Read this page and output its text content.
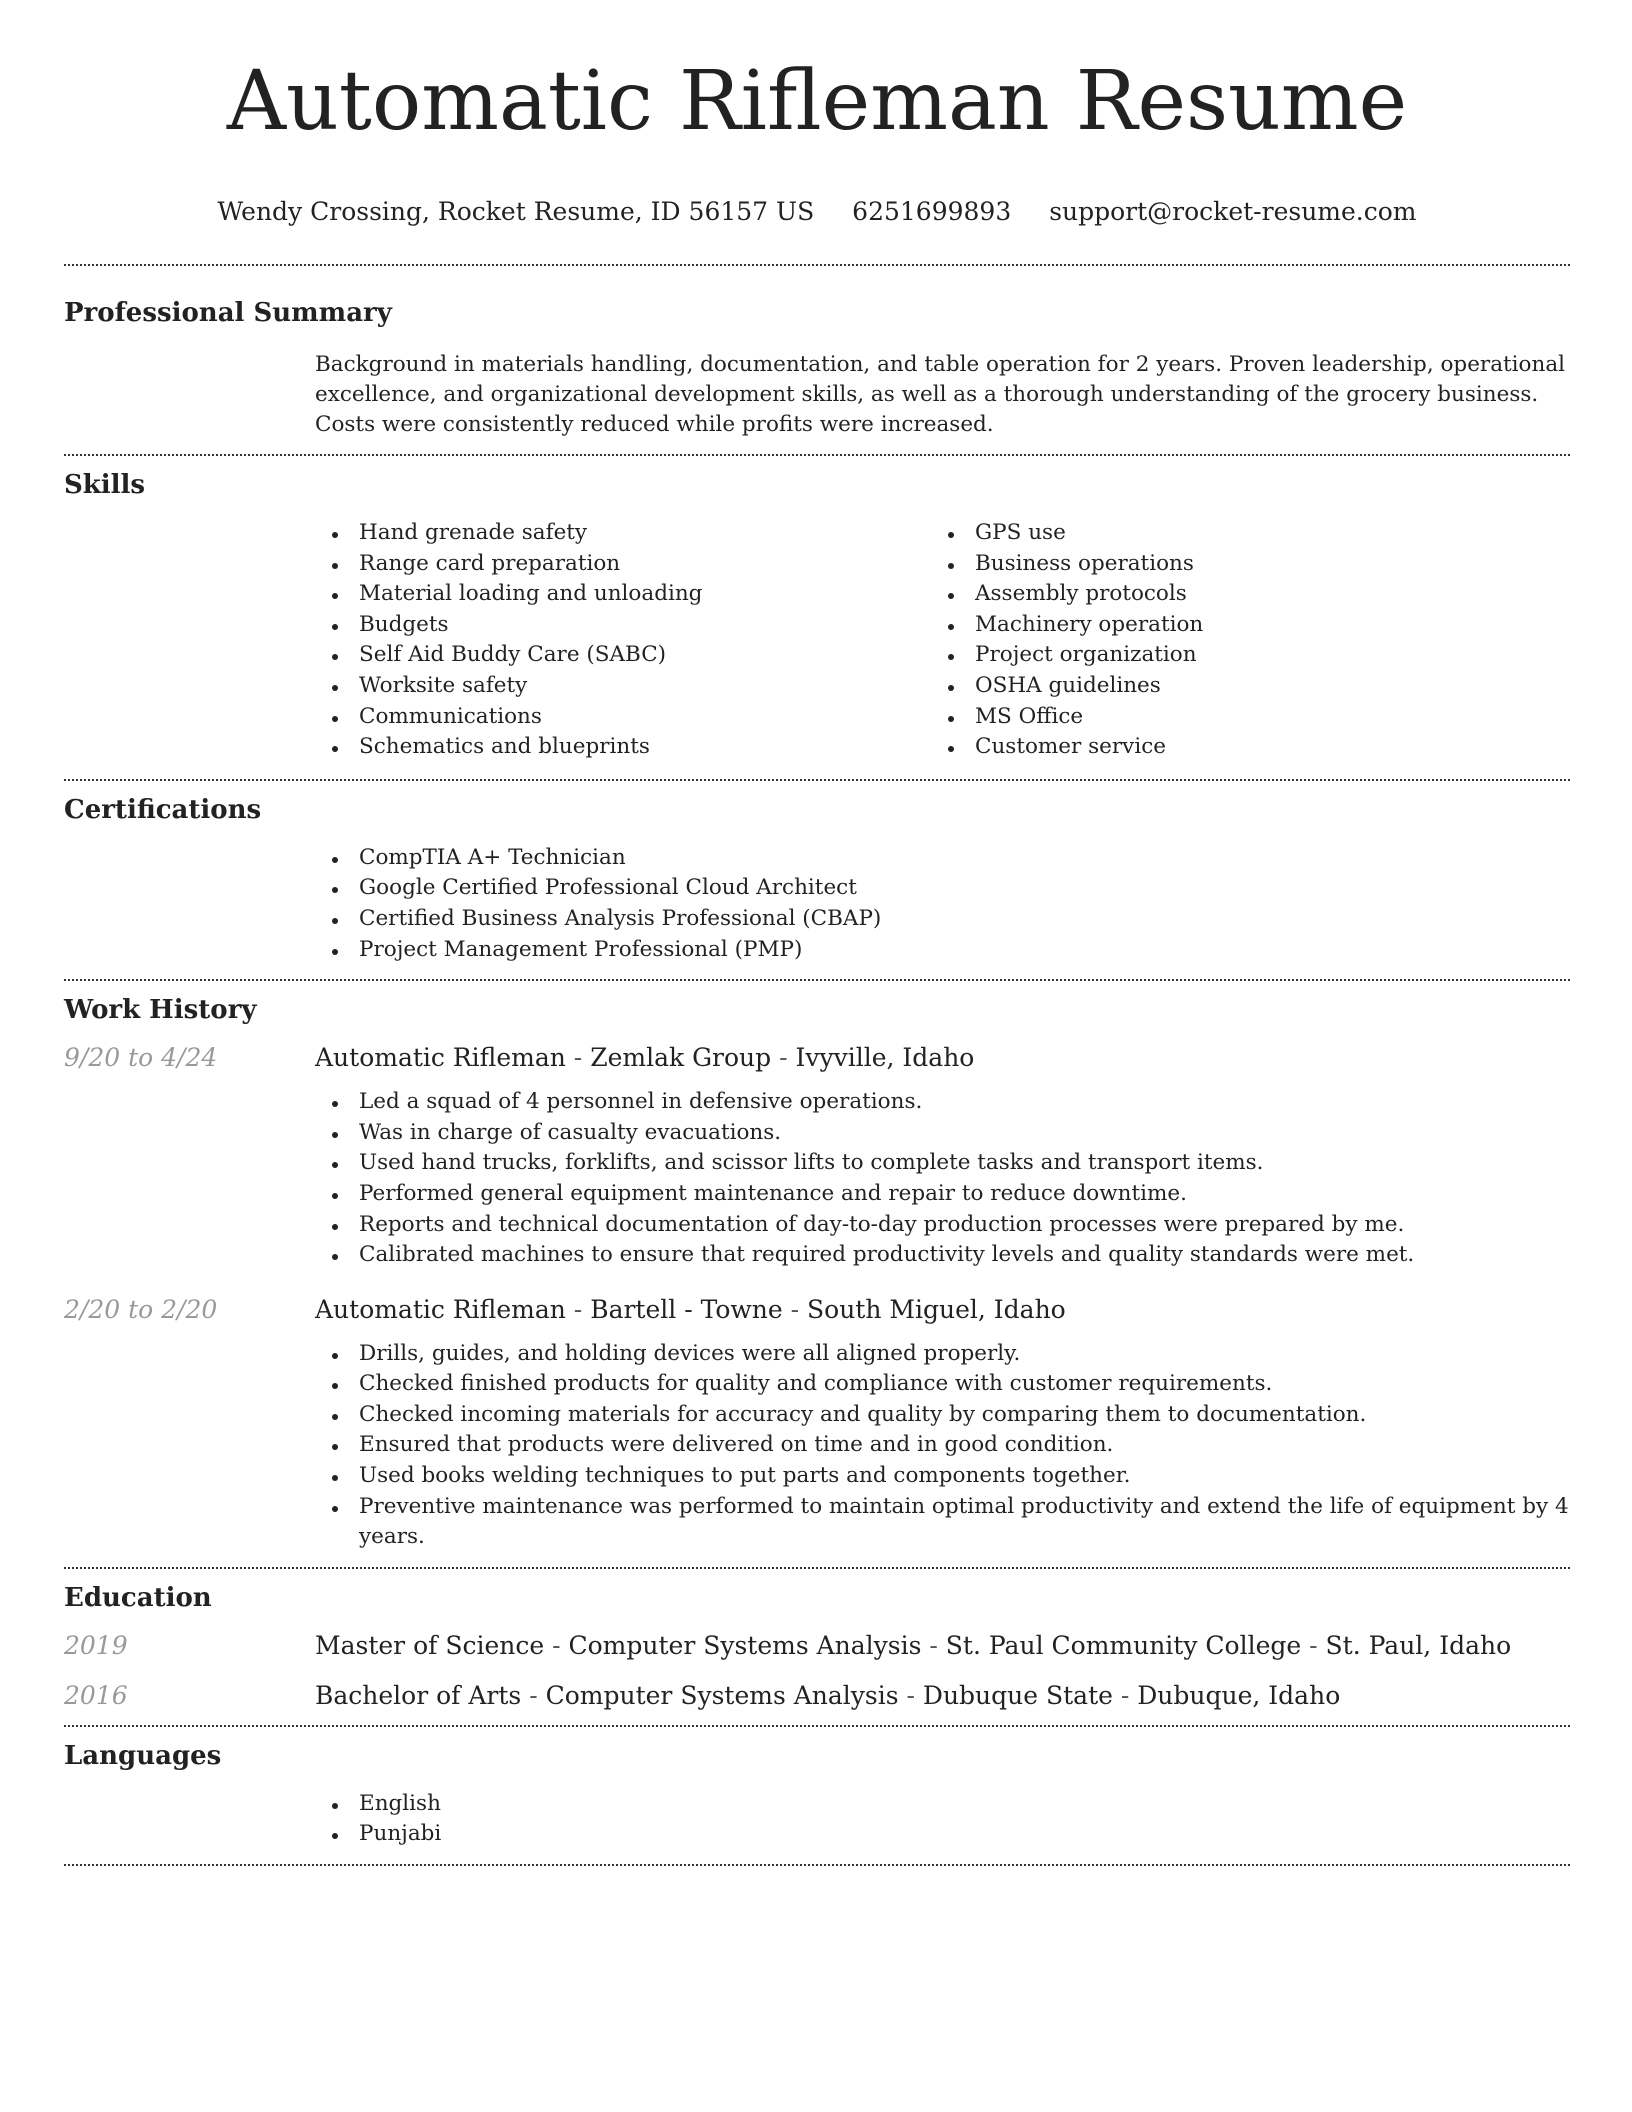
Automatic Rifleman Resume
Wendy Crossing, Rocket Resume, ID 56157 US 6251699893 support@rocket-resume.com
Professional Summary

Background in materials handling, documentation, and table operation for 2 years. Proven leadership, operational excellence, and organizational development skills, as well as a thorough understanding of the grocery business. Costs were consistently reduced while profits were increased.

Skills
Hand grenade safety
Range card preparation
Material loading and unloading
Budgets
Self Aid Buddy Care (SABC)
Worksite safety
Communications
Schematics and blueprints
GPS use
Business operations
Assembly protocols
Machinery operation
Project organization
OSHA guidelines
MS Office
Customer service
Certifications
CompTIA A+ Technician
Google Certified Professional Cloud Architect
Certified Business Analysis Professional (CBAP)
Project Management Professional (PMP)
Work History
9/20 to 4/24	Automatic Rifleman - Zemlak Group - Ivyville, Idaho
Led a squad of 4 personnel in defensive operations.
Was in charge of casualty evacuations.
Used hand trucks, forklifts, and scissor lifts to complete tasks and transport items.
Performed general equipment maintenance and repair to reduce downtime.
Reports and technical documentation of day-to-day production processes were prepared by me.
Calibrated machines to ensure that required productivity levels and quality standards were met.
2/20 to 2/20	Automatic Rifleman - Bartell - Towne - South Miguel, Idaho
Drills, guides, and holding devices were all aligned properly.
Checked finished products for quality and compliance with customer requirements.
Checked incoming materials for accuracy and quality by comparing them to documentation.
Ensured that products were delivered on time and in good condition.
Used books welding techniques to put parts and components together.
Preventive maintenance was performed to maintain optimal productivity and extend the life of equipment by 4 years.
Education
2019	Master of Science - Computer Systems Analysis - St. Paul Community College - St. Paul, Idaho
2016	Bachelor of Arts - Computer Systems Analysis - Dubuque State - Dubuque, Idaho
Languages
English
Punjabi
